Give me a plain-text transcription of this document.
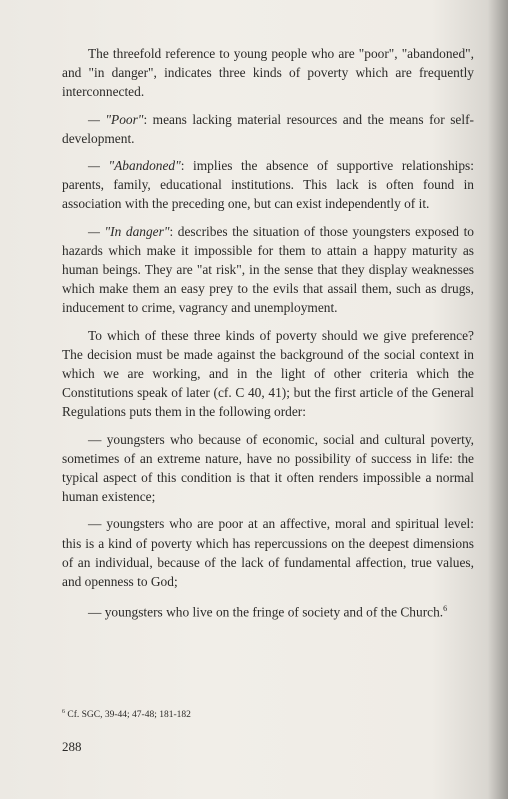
The threefold reference to young people who are "poor", "abandoned", and "in danger", indicates three kinds of poverty which are frequently interconnected.

— "Poor": means lacking material resources and the means for self-development.

— "Abandoned": implies the absence of supportive relationships: parents, family, educational institutions. This lack is often found in association with the preceding one, but can exist independently of it.

— "In danger": describes the situation of those youngsters exposed to hazards which make it impossible for them to attain a happy maturity as human beings. They are "at risk", in the sense that they display weaknesses which make them an easy prey to the evils that assail them, such as drugs, inducement to crime, vagrancy and unemployment.

To which of these three kinds of poverty should we give preference? The decision must be made against the background of the social context in which we are working, and in the light of other criteria which the Constitutions speak of later (cf. C 40, 41); but the first article of the General Regulations puts them in the following order:

— youngsters who because of economic, social and cultural poverty, sometimes of an extreme nature, have no possibility of success in life: the typical aspect of this condition is that it often renders impossible a normal human existence;

— youngsters who are poor at an affective, moral and spiritual level: this is a kind of poverty which has repercussions on the deepest dimensions of an individual, because of the lack of fundamental affection, true values, and openness to God;

— youngsters who live on the fringe of society and of the Church.$^6$

$^6$ Cf. SGC, 39-44; 47-48; 181-182
288
